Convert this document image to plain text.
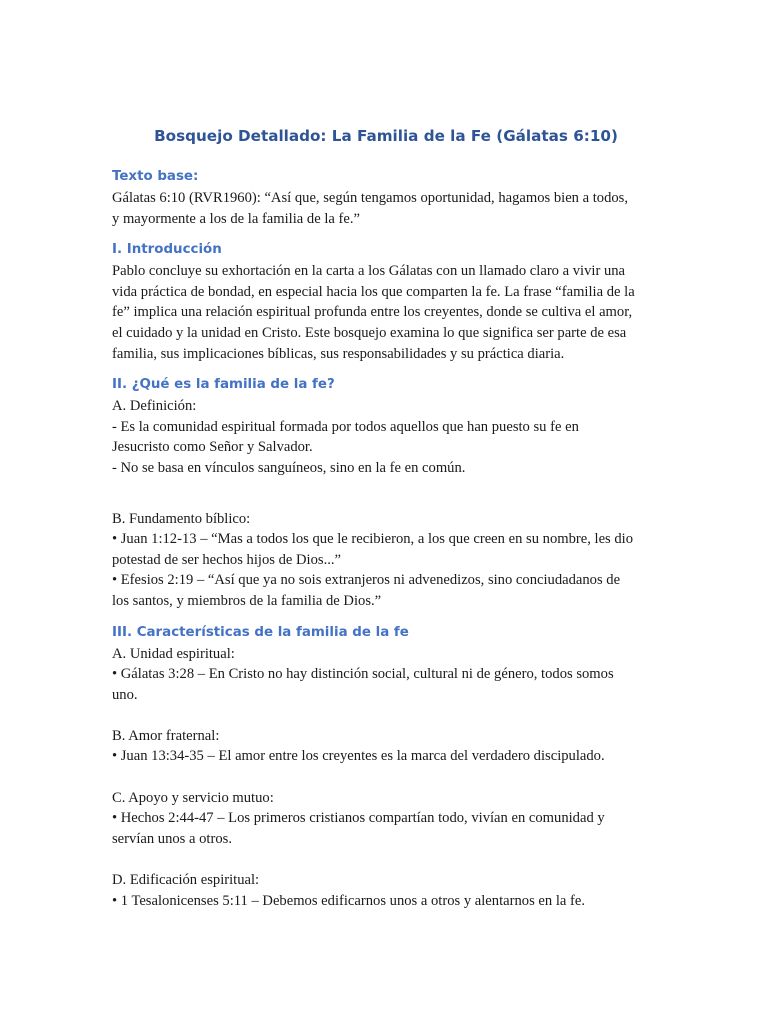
Bosquejo Detallado: La Familia de la Fe (Gálatas 6:10)
Texto base:
Gálatas 6:10 (RVR1960): “Así que, según tengamos oportunidad, hagamos bien a todos,
y mayormente a los de la familia de la fe.”
I. Introducción
Pablo concluye su exhortación en la carta a los Gálatas con un llamado claro a vivir una
vida práctica de bondad, en especial hacia los que comparten la fe. La frase “familia de la
fe” implica una relación espiritual profunda entre los creyentes, donde se cultiva el amor,
el cuidado y la unidad en Cristo. Este bosquejo examina lo que significa ser parte de esa
familia, sus implicaciones bíblicas, sus responsabilidades y su práctica diaria.
II. ¿Qué es la familia de la fe?
A. Definición:
- Es la comunidad espiritual formada por todos aquellos que han puesto su fe en
Jesucristo como Señor y Salvador.
- No se basa en vínculos sanguíneos, sino en la fe en común.
B. Fundamento bíblico:
• Juan 1:12-13 – “Mas a todos los que le recibieron, a los que creen en su nombre, les dio
potestad de ser hechos hijos de Dios...”
• Efesios 2:19 – “Así que ya no sois extranjeros ni advenedizos, sino conciudadanos de
los santos, y miembros de la familia de Dios.”
III. Características de la familia de la fe
A. Unidad espiritual:
• Gálatas 3:28 – En Cristo no hay distinción social, cultural ni de género, todos somos
uno.
B. Amor fraternal:
• Juan 13:34-35 – El amor entre los creyentes es la marca del verdadero discipulado.
C. Apoyo y servicio mutuo:
• Hechos 2:44-47 – Los primeros cristianos compartían todo, vivían en comunidad y
servían unos a otros.
D. Edificación espiritual:
• 1 Tesalonicenses 5:11 – Debemos edificarnos unos a otros y alentarnos en la fe.
